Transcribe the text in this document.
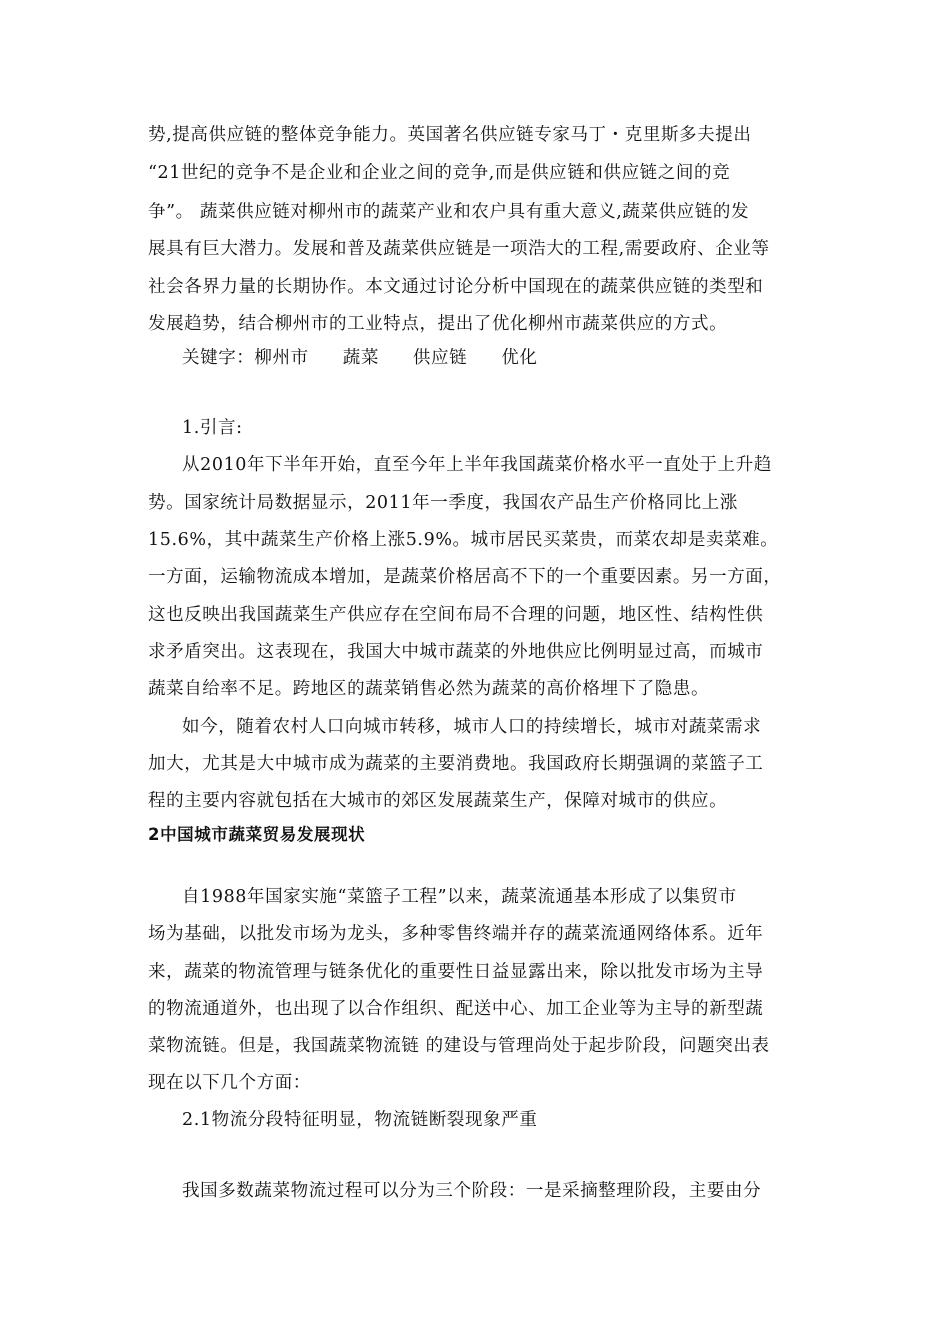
势,提高供应链的整体竞争能力。英国著名供应链专家马丁・克里斯多夫提出
“21世纪的竞争不是企业和企业之间的竞争,而是供应链和供应链之间的竞
争”。 蔬菜供应链对柳州市的蔬菜产业和农户具有重大意义,蔬菜供应链的发
展具有巨大潜力。发展和普及蔬菜供应链是一项浩大的工程,需要政府、企业等
社会各界力量的长期协作。本文通过讨论分析中国现在的蔬菜供应链的类型和
发展趋势，结合柳州市的工业特点，提出了优化柳州市蔬菜供应的方式。
关键字：柳州市 蔬菜 供应链 优化
1.引言:
从2010年下半年开始，直至今年上半年我国蔬菜价格水平一直处于上升趋
势。国家统计局数据显示，2011年一季度，我国农产品生产价格同比上涨
15.6%，其中蔬菜生产价格上涨5.9%。城市居民买菜贵，而菜农却是卖菜难。
一方面，运输物流成本增加，是蔬菜价格居高不下的一个重要因素。另一方面，
这也反映出我国蔬菜生产供应存在空间布局不合理的问题，地区性、结构性供
求矛盾突出。这表现在，我国大中城市蔬菜的外地供应比例明显过高，而城市
蔬菜自给率不足。跨地区的蔬菜销售必然为蔬菜的高价格埋下了隐患。
如今，随着农村人口向城市转移，城市人口的持续增长，城市对蔬菜需求
加大，尤其是大中城市成为蔬菜的主要消费地。我国政府长期强调的菜篮子工
程的主要内容就包括在大城市的郊区发展蔬菜生产，保障对城市的供应。
2中国城市蔬菜贸易发展现状
自1988年国家实施“菜篮子工程”以来，蔬菜流通基本形成了以集贸市
场为基础，以批发市场为龙头，多种零售终端并存的蔬菜流通网络体系。近年
来，蔬菜的物流管理与链条优化的重要性日益显露出来，除以批发市场为主导
的物流通道外，也出现了以合作组织、配送中心、加工企业等为主导的新型蔬
菜物流链。但是，我国蔬菜物流链 的建设与管理尚处于起步阶段，问题突出表
现在以下几个方面：
2.1物流分段特征明显，物流链断裂现象严重
我国多数蔬菜物流过程可以分为三个阶段：一是采摘整理阶段，主要由分
